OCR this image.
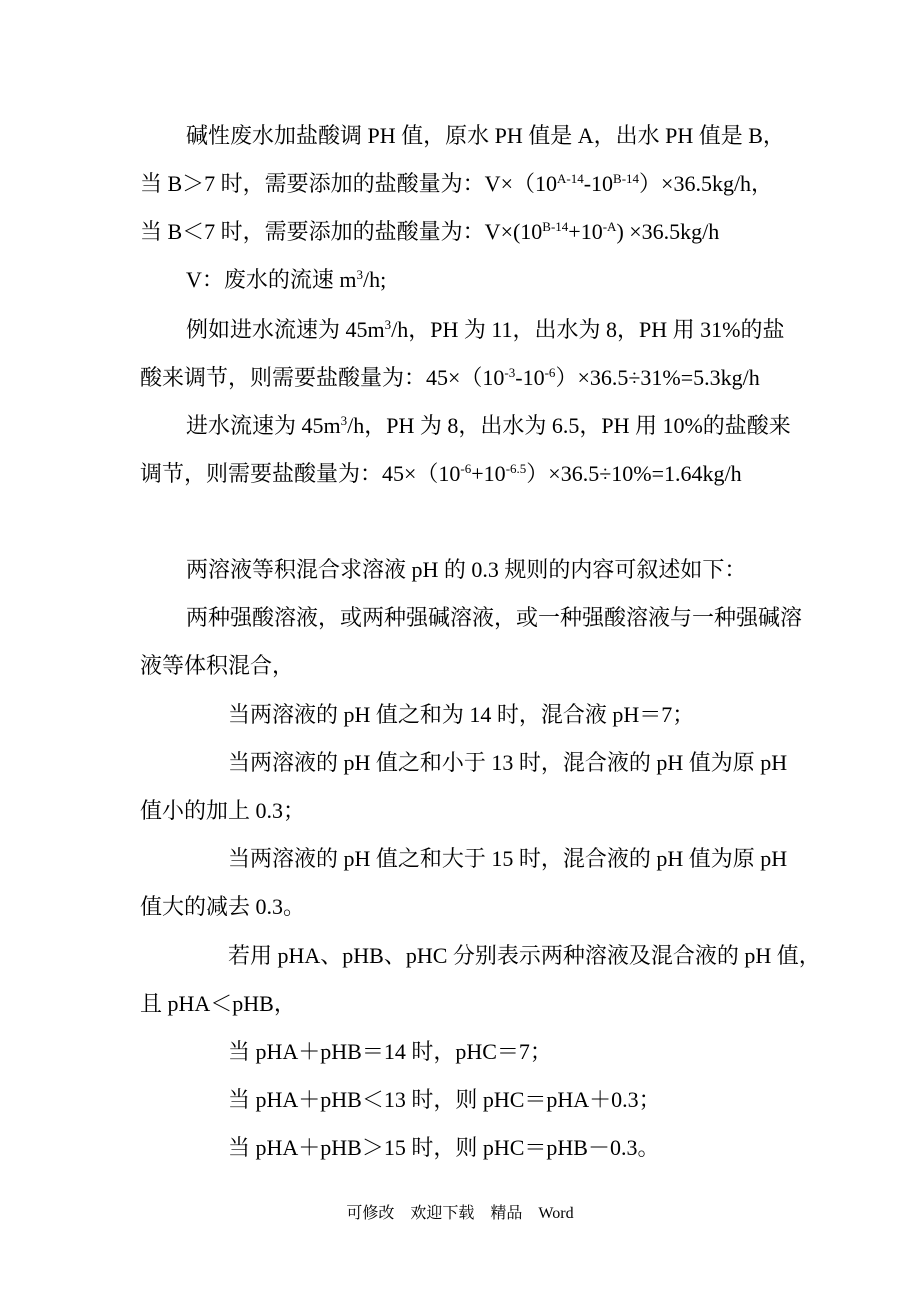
碱性废水加盐酸调 PH 值，原水 PH 值是 A，出水 PH 值是 B，
当 B＞7 时，需要添加的盐酸量为：$V\times(10^{A-14}-10^{B-14})\times 36.5kg/h$，
当 B＜7 时，需要添加的盐酸量为：$V\times(10^{B-14}+10^{-A}) \times 36.5kg/h$
V：废水的流速 $m^3/h$;
例如进水流速为 $45m^3/h$，PH 为 11，出水为 8，PH 用 31%的盐
酸来调节，则需要盐酸量为：$45\times(10^{-3}-10^{-6})\times 36.5\div 31\%=5.3kg/h$
进水流速为 $45m^3/h$，PH 为 8，出水为 6.5，PH 用 10%的盐酸来
调节，则需要盐酸量为：$45\times(10^{-6}+10^{-6.5})\times 36.5\div 10\%=1.64kg/h$
两溶液等积混合求溶液 pH 的 0.3 规则的内容可叙述如下：
两种强酸溶液，或两种强碱溶液，或一种强酸溶液与一种强碱溶
液等体积混合，
当两溶液的 pH 值之和为 14 时，混合液 pH＝7；
当两溶液的 pH 值之和小于 13 时，混合液的 pH 值为原 pH
值小的加上 0.3；
当两溶液的 pH 值之和大于 15 时，混合液的 pH 值为原 pH
值大的减去 0.3。
若用 pHA、pHB、pHC 分别表示两种溶液及混合液的 pH 值，
且 pHA＜pHB，
当 pHA＋pHB＝14 时，pHC＝7；
当 pHA＋pHB＜13 时，则 pHC＝pHA＋0.3；
当 pHA＋pHB＞15 时，则 pHC＝pHB－0.3。
可修改　欢迎下载　精品　Word
